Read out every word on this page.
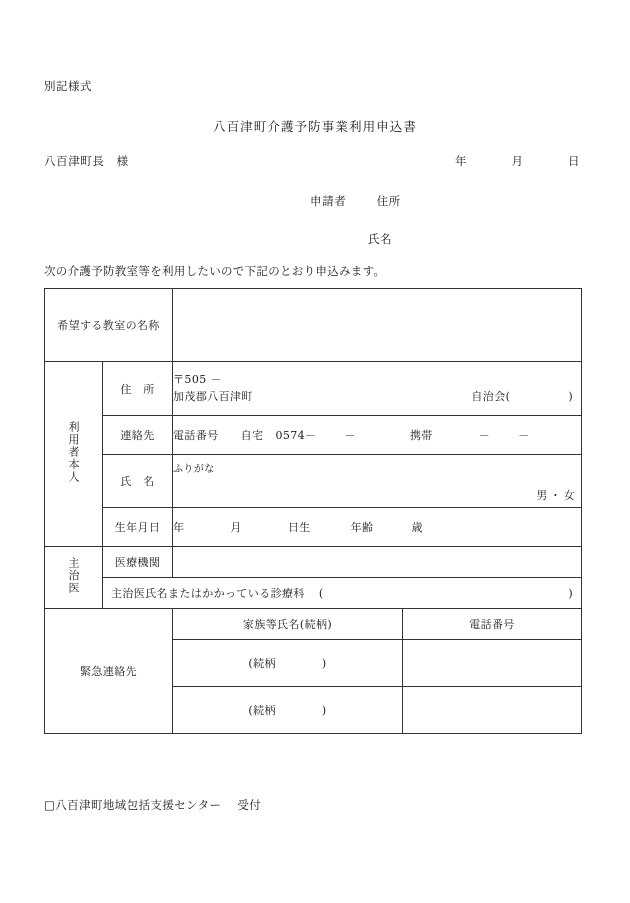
別記様式
八百津町介護予防事業利用申込書
八百津町長　様	年	月	日
申請者	住所
氏名
次の介護予防教室等を利用したいので下記のとおり申込みます。
希望する教室の名称			
利用者本人	住　所	〒505 －
加茂郡八百津町 自治会( )	

	連絡先	電話番号 自宅 0574－ － 携帯 － －	
	氏　名	ふりがな
男 ・ 女	

	生年月日	年 月 日生 年齢 歳	
主治医	医療機関		

	主治医氏名またはかかっている診療科 ( )		

緊急連絡先		家族等氏名(続柄)	電話番号

		(続柄 )	

		(続柄 )	

□八百津町地域包括支援センター 受付
